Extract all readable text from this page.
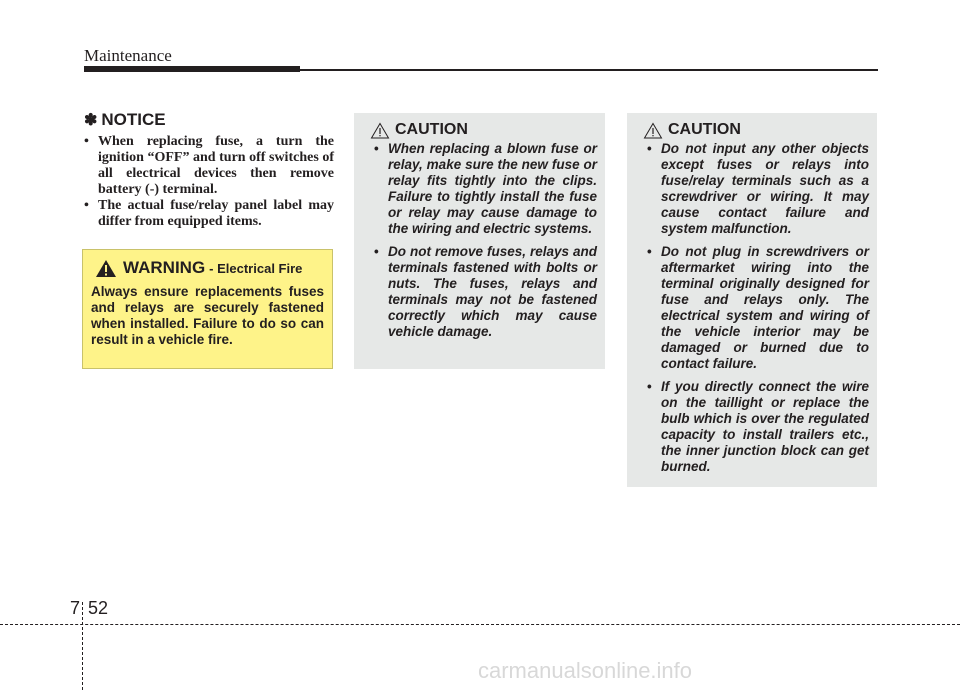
Maintenance
✽ NOTICE
• When replacing fuse, a turn the ignition “OFF” and turn off switches of all electrical devices then remove battery (-) terminal.
• The actual fuse/relay panel label may differ from equipped items.
WARNING - Electrical Fire
Always ensure replacements fuses and relays are securely fastened when installed. Failure to do so can result in a vehicle fire.
CAUTION
• When replacing a blown fuse or relay, make sure the new fuse or relay fits tightly into the clips. Failure to tightly install the fuse or relay may cause damage to the wiring and electric systems.
• Do not remove fuses, relays and terminals fastened with bolts or nuts. The fuses, relays and terminals may not be fastened correctly which may cause vehicle damage.
CAUTION
• Do not input any other objects except fuses or relays into fuse/relay terminals such as a screwdriver or wiring. It may cause contact failure and system malfunction.
• Do not plug in screwdrivers or aftermarket wiring into the terminal originally designed for fuse and relays only. The electrical system and wiring of the vehicle interior may be damaged or burned due to contact failure.
• If you directly connect the wire on the taillight or replace the bulb which is over the regulated capacity to install trailers etc., the inner junction block can get burned.
7 52
carmanualsonline.info
